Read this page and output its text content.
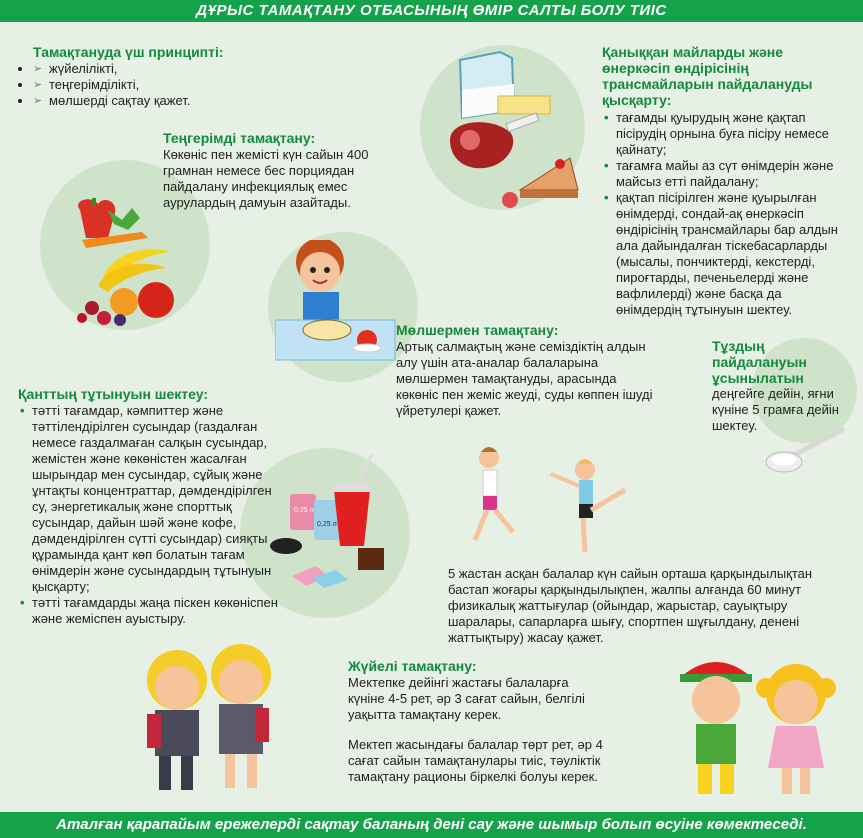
ДҰРЫС ТАМАҚТАНУ ОТБАСЫНЫҢ ӨМІР САЛТЫ БОЛУ ТИІС
Тамақтануда үш принципті:
➢ • жүйелілікті,
➢ • теңгерімділікті,
➢ • мөлшерді сақтау қажет.
Теңгерімді тамақтану:
Көкөніс пен жемісті күн сайын 400 грамнан немесе бес порциядан пайдалану инфекциялық емес аурулардың дамуын азайтады.
Қаныққан майларды және өнеркәсіп өндірісінің трансмайларын пайдалануды қысқарту:
• тағамды қуырудың және қақтап пісірудің орнына буға пісіру немесе қайнату;
• тағамға майы аз сүт өнімдерін және майсыз етті пайдалану;
• қақтап пісірілген және қуырылған өнімдерді, сондай-ақ өнеркәсіп өндірісінің трансмайлары бар алдын ала дайындалған тіскебасарларды (мысалы, пончиктерді, кекстерді, пироғтарды, печеньелерді және вафлилерді) және басқа да өнімдердің тұтынуын шектеу.
Мөлшермен тамақтану:
Артық салмақтың және семіздіктің алдын алу үшін ата-аналар балаларына мөлшермен тамақтануды, арасында көкөніс пен жеміс жеуді, суды көппен ішуді үйретулері қажет.
Тұздың пайдалануын ұсынылатын
деңгейге дейін, яғни күніне 5 грамға дейін шектеу.
Қанттың тұтынуын шектеу:
• тәтті тағамдар, кәмпиттер және тәттілендірілген сусындар (газдалған немесе газдалмаған салқын сусындар, жемістен және көкөністен жасалған шырындар мен сусындар, сұйық және ұнтақты концентраттар, дәмдендірілген су, энергетикалық және спорттық сусындар, дайын шәй және кофе, дәмдендірілген сүтті сусындар) сияқты құрамында қант көп болатын тағам өнімдерін және сусындардың тұтынуын қысқарту;
• тәтті тағамдарды жаңа піскен көкөніспен және жеміспен ауыстыру.
0,25 л
0,25 л
5 жастан асқан балалар күн сайын орташа қарқындылықтан бастап жоғары қарқындылықпен, жалпы алғанда 60 минут физикалық жаттығулар (ойындар, жарыстар, сауықтыру шаралары, сапарларға шығу, спортпен шұғылдану, денені жаттықтыру) жасау қажет.
Жүйелі тамақтану:
Мектепке дейінгі жастағы балаларға күніне 4-5 рет, әр 3 сағат сайын, белгілі уақытта тамақтану керек.
Мектеп жасындағы балалар төрт рет, әр 4 сағат сайын тамақтанулары тиіс, тәуліктік тамақтану рационы біркелкі болуы керек.
Аталған қарапайым ережелерді сақтау баланың дені сау және шымыр болып өсуіне көмектеседі.
